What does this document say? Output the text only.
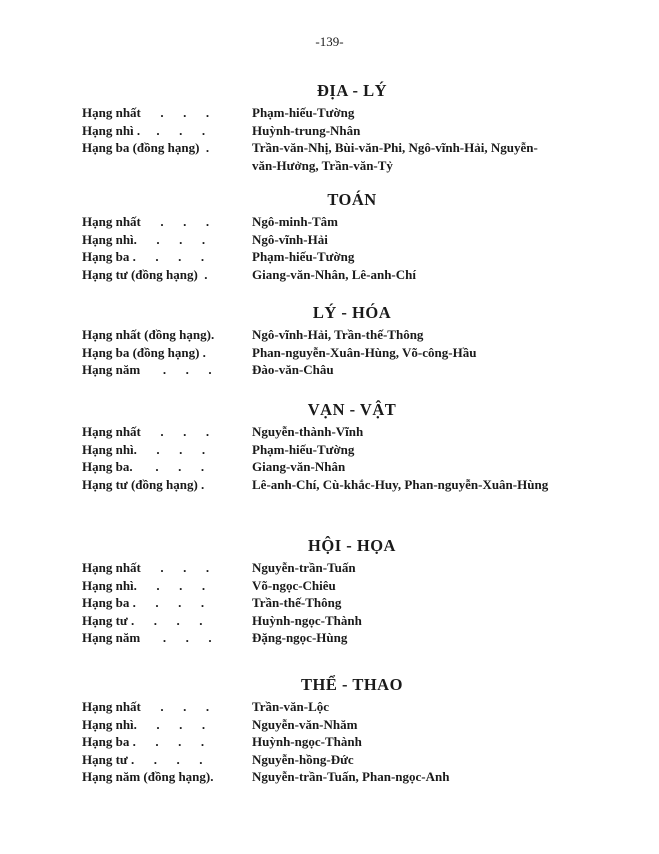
-139-
ĐỊA - LÝ
Hạng nhất      .      .      .	Phạm-hiếu-Tường
Hạng nhì .     .      .      .	Huỳnh-trung-Nhân
Hạng ba (đồng hạng)  .	Trần-văn-Nhị, Bùi-văn-Phi, Ngô-vĩnh-Hải, Nguyễn-văn-Hưởng, Trần-văn-Tỷ
TOÁN
Hạng nhất      .      .      .	Ngô-minh-Tâm
Hạng nhì.      .      .      .	Ngô-vĩnh-Hải
Hạng ba .      .      .      .	Phạm-hiếu-Tường
Hạng tư (đồng hạng)  .	Giang-văn-Nhân, Lê-anh-Chí
LÝ - HÓA
Hạng nhất (đồng hạng).	Ngô-vĩnh-Hải, Trần-thế-Thông
Hạng ba (đồng hạng) .	Phan-nguyễn-Xuân-Hùng, Võ-công-Hầu
Hạng năm       .      .      .	Đào-văn-Châu
VẠN - VẬT
Hạng nhất      .      .      .	Nguyễn-thành-Vĩnh
Hạng nhì.      .      .      .	Phạm-hiếu-Tường
Hạng ba.       .      .      .	Giang-văn-Nhân
Hạng tư (đồng hạng) .	Lê-anh-Chí, Cù-khắc-Huy, Phan-nguyễn-Xuân-Hùng
HỘI - HỌA
Hạng nhất      .      .      .	Nguyễn-trần-Tuấn
Hạng nhì.      .      .      .	Võ-ngọc-Chiêu
Hạng ba .      .      .      .	Trần-thế-Thông
Hạng tư .      .      .      .	Huỳnh-ngọc-Thành
Hạng năm       .      .      .	Đặng-ngọc-Hùng
THỂ - THAO
Hạng nhất      .      .      .	Trần-văn-Lộc
Hạng nhì.      .      .      .	Nguyễn-văn-Nhăm
Hạng ba .      .      .      .	Huỳnh-ngọc-Thành
Hạng tư .      .      .      .	Nguyễn-hồng-Đức
Hạng năm (đồng hạng).	Nguyễn-trần-Tuấn, Phan-ngọc-Anh
